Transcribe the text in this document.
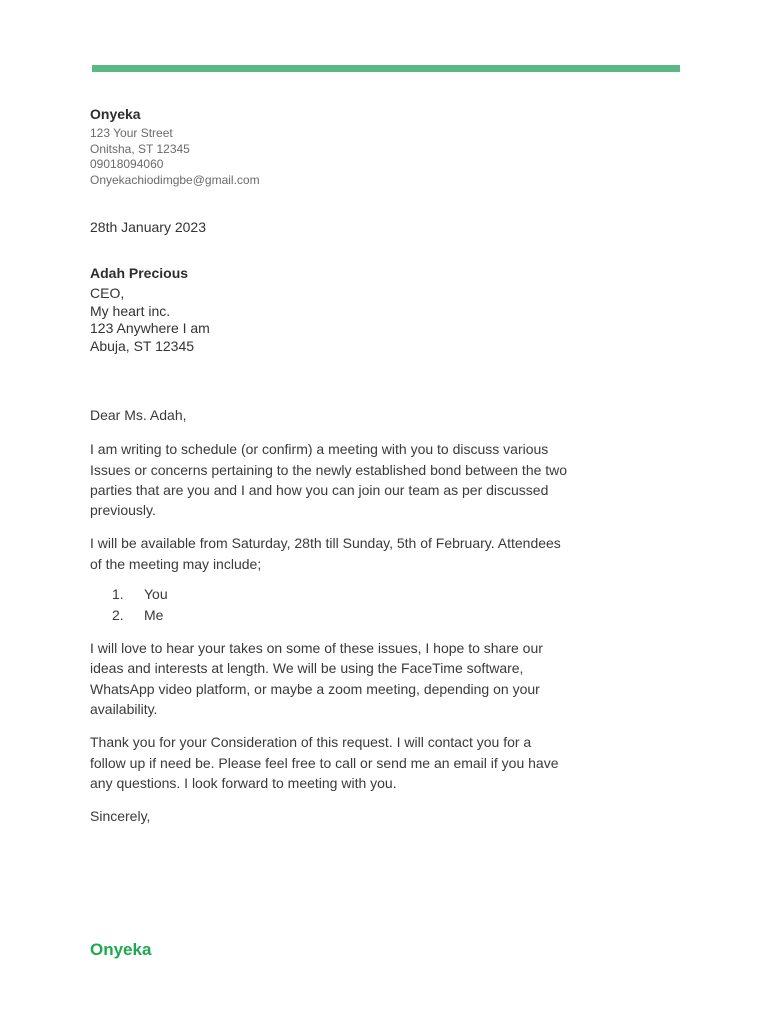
Onyeka
123 Your Street
Onitsha, ST 12345
09018094060
Onyekachiodimgbe@gmail.com
28th January 2023
Adah Precious
CEO,
My heart inc.
123 Anywhere I am
Abuja, ST 12345

Dear Ms. Adah,

I am writing to schedule (or confirm) a meeting with you to discuss various Issues or concerns pertaining to the newly established bond between the two parties that are you and I and how you can join our team as per discussed previously.

I will be available from Saturday, 28th till Sunday, 5th of February. Attendees of the meeting may include;

1.	You
2.	Me

I will love to hear your takes on some of these issues, I hope to share our ideas and interests at length. We will be using the FaceTime software, WhatsApp video platform, or maybe a zoom meeting, depending on your availability.

Thank you for your Consideration of this request. I will contact you for a follow up if need be. Please feel free to call or send me an email if you have any questions. I look forward to meeting with you.

Sincerely,

Onyeka
